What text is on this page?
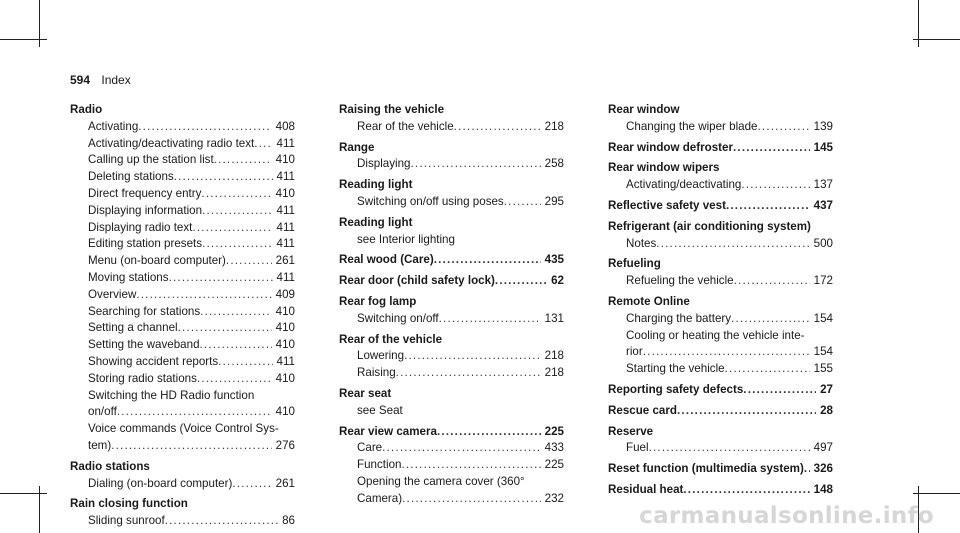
594 Index
Radio
Activating .....	408
Activating/deactivating radio text .....	411
Calling up the station list .....	410
Deleting stations .....	411
Direct frequency entry .....	410
Displaying information .....	411
Displaying radio text .....	411
Editing station presets .....	411
Menu (on-board computer) .....	261
Moving stations .....	411
Overview .....	409
Searching for stations .....	410
Setting a channel .....	410
Setting the waveband .....	410
Showing accident reports .....	411
Storing radio stations .....	410
Switching the HD Radio function
on/off .....	410
Voice commands (Voice Control Sys-
tem) .....	276
Radio stations
Dialing (on-board computer) .....	261
Rain closing function
Sliding sunroof .....	86
Raising the vehicle
Rear of the vehicle .....	218
Range
Displaying .....	258
Reading light
Switching on/off using poses .....	295
Reading light
see Interior lighting
Real wood (Care) .....	435
Rear door (child safety lock) .....	62
Rear fog lamp
Switching on/off .....	131
Rear of the vehicle
Lowering .....	218
Raising .....	218
Rear seat
see Seat
Rear view camera .....	225
Care .....	433
Function .....	225
Opening the camera cover (360°
Camera) .....	232
Rear window
Changing the wiper blade .....	139
Rear window defroster .....	145
Rear window wipers
Activating/deactivating .....	137
Reflective safety vest .....	437
Refrigerant (air conditioning system)
Notes .....	500
Refueling
Refueling the vehicle .....	172
Remote Online
Charging the battery .....	154
Cooling or heating the vehicle inte-
rior .....	154
Starting the vehicle .....	155
Reporting safety defects .....	27
Rescue card .....	28
Reserve
Fuel .....	497
Reset function (multimedia system) ..... 326
Residual heat .....	148
carmanualsonline.info
